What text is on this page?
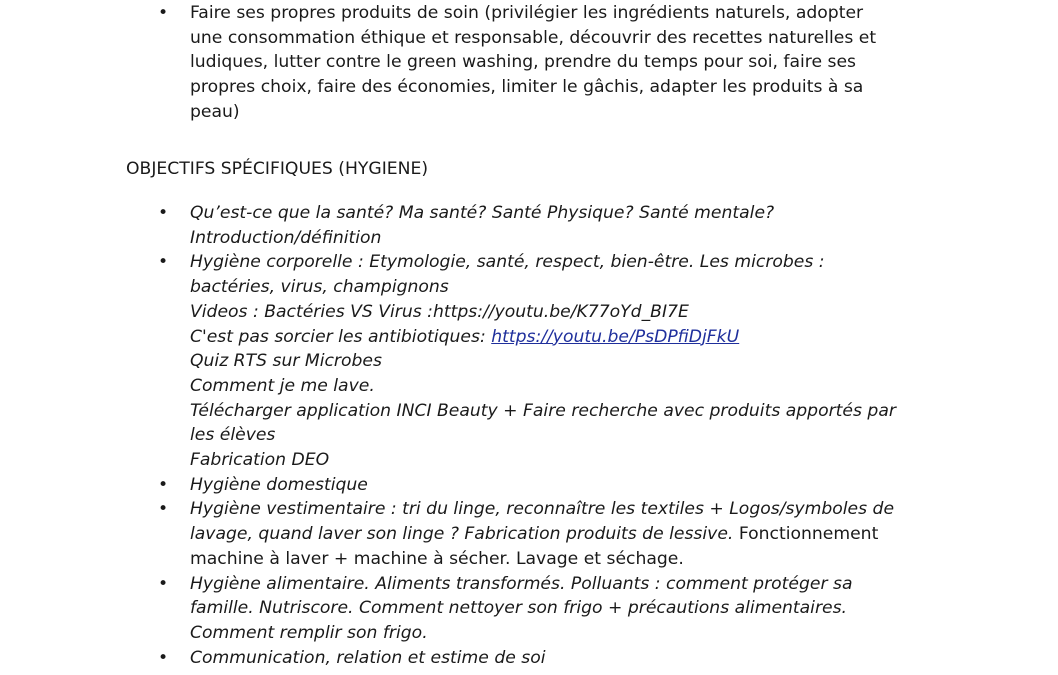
• Faire ses propres produits de soin (privilégier les ingrédients naturels, adopter
une consommation éthique et responsable, découvrir des recettes naturelles et
ludiques, lutter contre le green washing, prendre du temps pour soi, faire ses
propres choix, faire des économies, limiter le gâchis, adapter les produits à sa
peau)
OBJECTIFS SPÉCIFIQUES (HYGIENE)
• Qu’est-ce que la santé? Ma santé? Santé Physique? Santé mentale?
Introduction/définition
• Hygiène corporelle : Etymologie, santé, respect, bien-être. Les microbes :
bactéries, virus, champignons
Videos : Bactéries VS Virus :https://youtu.be/K77oYd_BI7E
C'est pas sorcier les antibiotiques: https://youtu.be/PsDPfiDjFkU
Quiz RTS sur Microbes
Comment je me lave.
Télécharger application INCI Beauty + Faire recherche avec produits apportés par
les élèves
Fabrication DEO
• Hygiène domestique
• Hygiène vestimentaire : tri du linge, reconnaître les textiles + Logos/symboles de
lavage, quand laver son linge ? Fabrication produits de lessive. Fonctionnement
machine à laver + machine à sécher. Lavage et séchage.
• Hygiène alimentaire. Aliments transformés. Polluants : comment protéger sa
famille. Nutriscore. Comment nettoyer son frigo + précautions alimentaires.
Comment remplir son frigo.
• Communication, relation et estime de soi
